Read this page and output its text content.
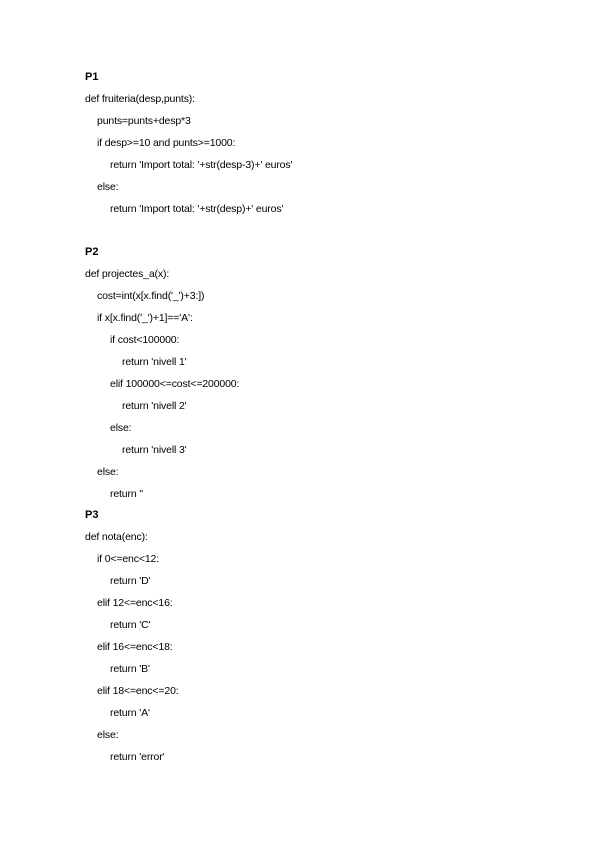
P1
def fruiteria(desp,punts):
punts=punts+desp*3
if desp>=10 and punts>=1000:
return 'Import total: '+str(desp-3)+' euros'
else:
return 'Import total: '+str(desp)+' euros'
P2
def projectes_a(x):
cost=int(x[x.find('_')+3:])
if x[x.find('_')+1]=='A':
if cost<100000:
return 'nivell 1'
elif 100000<=cost<=200000:
return 'nivell 2'
else:
return 'nivell 3'
else:
return ''
P3
def nota(enc):
if 0<=enc<12:
return 'D'
elif 12<=enc<16:
return 'C'
elif 16<=enc<18:
return 'B'
elif 18<=enc<=20:
return 'A'
else:
return 'error'
